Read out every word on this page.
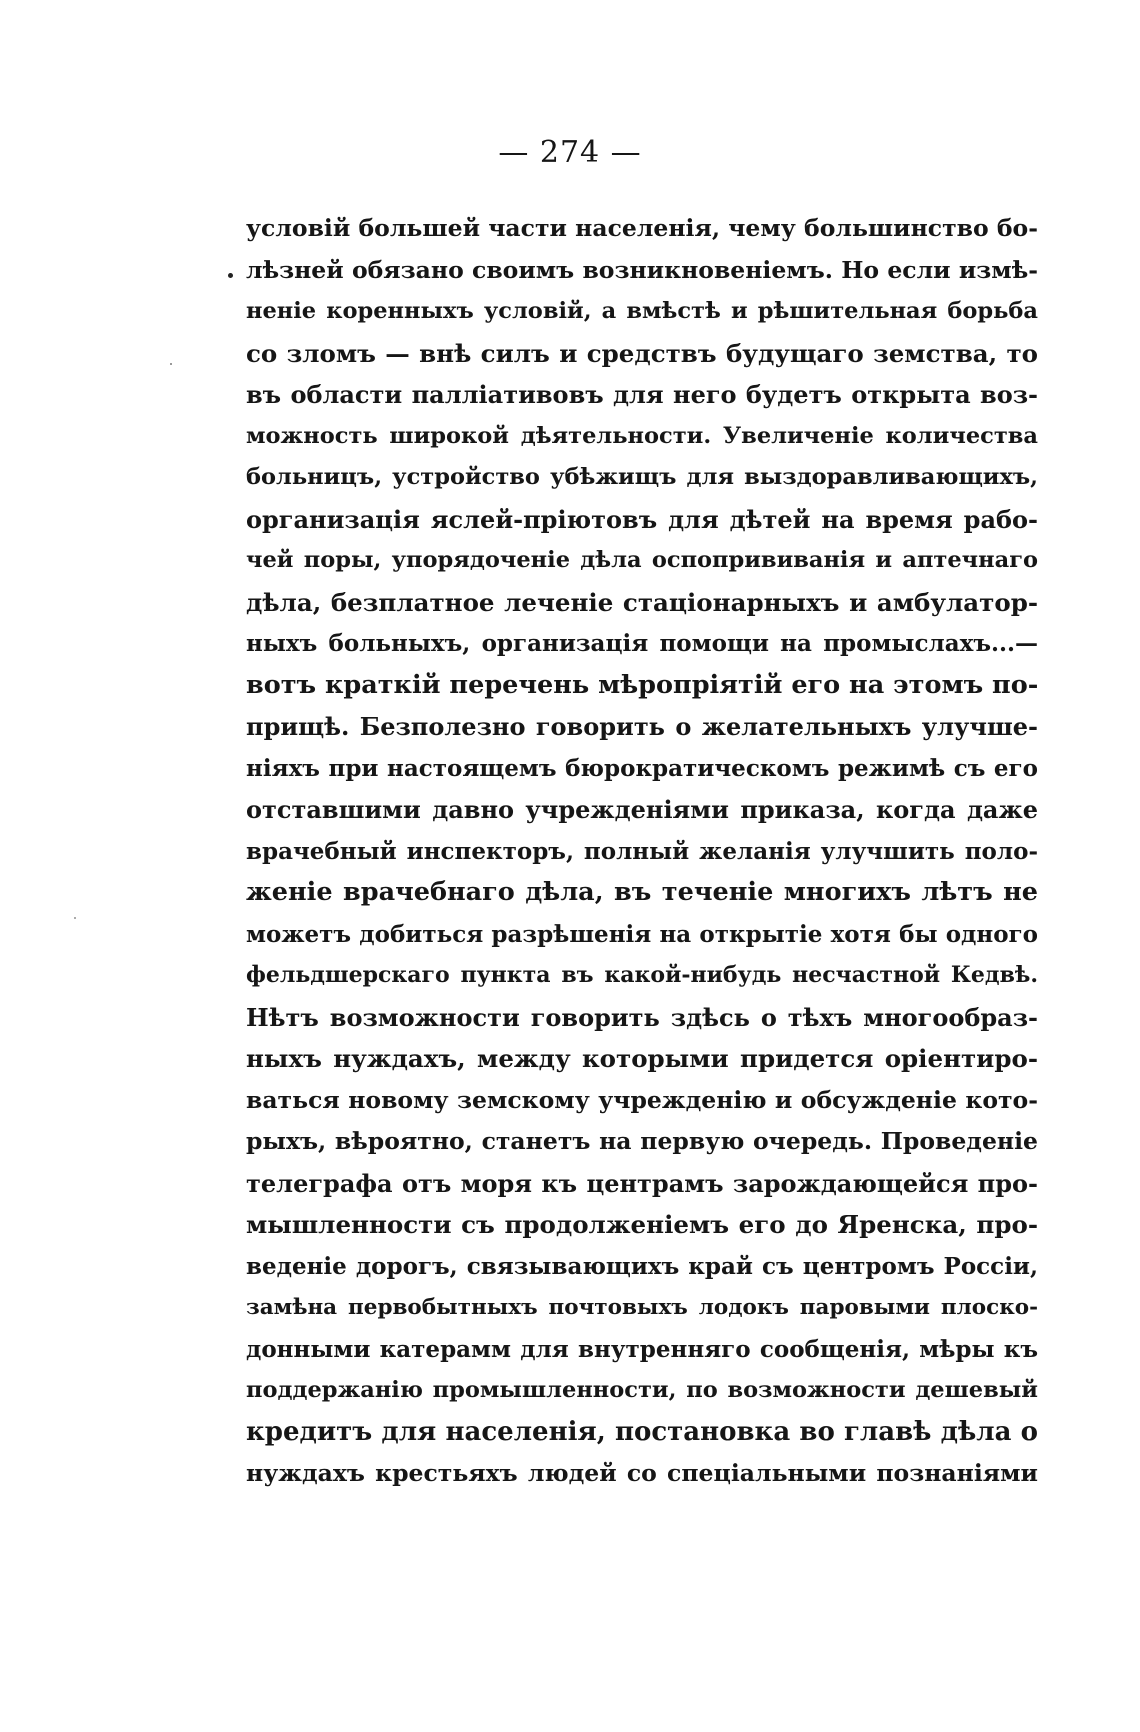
— 274 —
условій большей части населенія, чему большинство бо-
лѣзней обязано своимъ возникновеніемъ. Но если измѣ-
неніе коренныхъ условій, а вмѣстѣ и рѣшительная борьба
со зломъ — внѣ силъ и средствъ будущаго земства, то
въ области палліативовъ для него будетъ открыта воз-
можность широкой дѣятельности. Увеличеніе количества
больницъ, устройство убѣжищъ для выздоравливающихъ,
организація яслей-пріютовъ для дѣтей на время рабо-
чей поры, упорядоченіе дѣла оспопрививанія и аптечнаго
дѣла, безплатное леченіе стаціонарныхъ и амбулатор-
ныхъ больныхъ, организація помощи на промыслахъ...—
вотъ краткій перечень мѣропріятій его на этомъ по-
прищѣ. Безполезно говорить о желательныхъ улучше-
ніяхъ при настоящемъ бюрократическомъ режимѣ съ его
отставшими давно учрежденіями приказа, когда даже
врачебный инспекторъ, полный желанія улучшить поло-
женіе врачебнаго дѣла, въ теченіе многихъ лѣтъ не
можетъ добиться разрѣшенія на открытіе хотя бы одного
фельдшерскаго пункта въ какой-нибудь несчастной Кедвѣ.
Нѣтъ возможности говорить здѣсь о тѣхъ многообраз-
ныхъ нуждахъ, между которыми придется оріентиро-
ваться новому земскому учрежденію и обсужденіе кото-
рыхъ, вѣроятно, станетъ на первую очередь. Проведеніе
телеграфа отъ моря къ центрамъ зарождающейся про-
мышленности съ продолженіемъ его до Яренска, про-
веденіе дорогъ, связывающихъ край съ центромъ Россіи,
замѣна первобытныхъ почтовыхъ лодокъ паровыми плоско-
донными катерамм для внутренняго сообщенія, мѣры къ
поддержанію промышленности, по возможности дешевый
кредитъ для населенія, постановка во главѣ дѣла о
нуждахъ крестьяхъ людей со спеціальными познаніями
